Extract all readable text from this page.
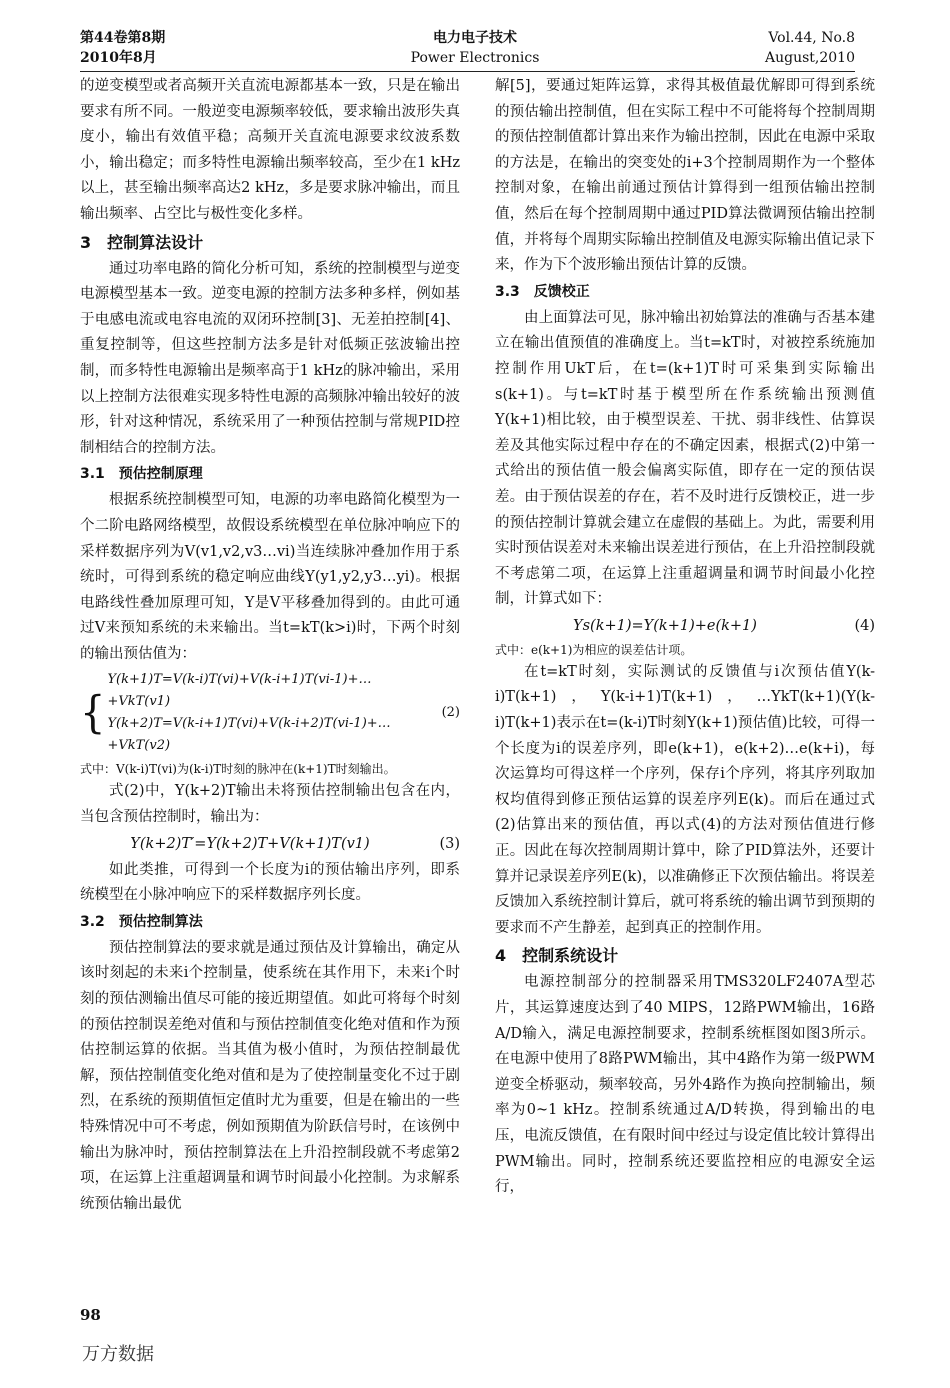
第44卷第8期
2010年8月
电力电子技术
Power Electronics
Vol.44, No.8
August,2010

的逆变模型或者高频开关直流电源都基本一致，只是在输出要求有所不同。一般逆变电源频率较低，要求输出波形失真度小，输出有效值平稳；高频开关直流电源要求纹波系数小，输出稳定；而多特性电源输出频率较高，至少在1 kHz以上，甚至输出频率高达2 kHz，多是要求脉冲输出，而且输出频率、占空比与极性变化多样。

3　控制算法设计

通过功率电路的简化分析可知，系统的控制模型与逆变电源模型基本一致。逆变电源的控制方法多种多样，例如基于电感电流或电容电流的双闭环控制[3]、无差拍控制[4]、重复控制等，但这些控制方法多是针对低频正弦波输出控制，而多特性电源输出是频率高于1 kHz的脉冲输出，采用以上控制方法很难实现多特性电源的高频脉冲输出较好的波形，针对这种情况，系统采用了一种预估控制与常规PID控制相结合的控制方法。

3.1　预估控制原理

根据系统控制模型可知，电源的功率电路简化模型为一个二阶电路网络模型，故假设系统模型在单位脉冲响应下的采样数据序列为V(v1,v2,v3…vi)当连续脉冲叠加作用于系统时，可得到系统的稳定响应曲线Y(y1,y2,y3…yi)。根据电路线性叠加原理可知，Y是V平移叠加得到的。由此可通过V来预知系统的未来输出。当t=kT(k>i)时，下两个时刻的输出预估值为：

{
Y(k+1)T=V(k-i)T(vi)+V(k-i+1)T(vi-1)+…+VkT(v1)
Y(k+2)T=V(k-i+1)T(vi)+V(k-i+2)T(vi-1)+…+VkT(v2)
(2)

式中：V(k-i)T(vi)为(k-i)T时刻的脉冲在(k+1)T时刻输出。

式(2)中，Y(k+2)T输出未将预估控制输出包含在内，当包含预估控制时，输出为：

Y(k+2)T′=Y(k+2)T+V(k+1)T(v1)	(3)

如此类推，可得到一个长度为i的预估输出序列，即系统模型在小脉冲响应下的采样数据序列长度。

3.2　预估控制算法

预估控制算法的要求就是通过预估及计算输出，确定从该时刻起的未来i个控制量，使系统在其作用下，未来i个时刻的预估测输出值尽可能的接近期望值。如此可将每个时刻的预估控制误差绝对值和与预估控制值变化绝对值和作为预估控制运算的依据。当其值为极小值时，为预估控制最优解，预估控制值变化绝对值和是为了使控制量变化不过于剧烈，在系统的预期值恒定值时尤为重要，但是在输出的一些特殊情况中可不考虑，例如预期值为阶跃信号时，在该例中输出为脉冲时，预估控制算法在上升沿控制段就不考虑第2项，在运算上注重超调量和调节时间最小化控制。为求解系统预估输出最优

解[5]，要通过矩阵运算，求得其极值最优解即可得到系统的预估输出控制值，但在实际工程中不可能将每个控制周期的预估控制值都计算出来作为输出控制，因此在电源中采取的方法是，在输出的突变处的i+3个控制周期作为一个整体控制对象，在输出前通过预估计算得到一组预估输出控制值，然后在每个控制周期中通过PID算法微调预估输出控制值，并将每个周期实际输出控制值及电源实际输出值记录下来，作为下个波形输出预估计算的反馈。

3.3　反馈校正

由上面算法可见，脉冲输出初始算法的准确与否基本建立在输出值预值的准确度上。当t=kT时，对被控系统施加控制作用UkT后，在t=(k+1)T时可采集到实际输出s(k+1)。与t=kT时基于模型所在作系统输出预测值Y(k+1)相比较，由于模型误差、干扰、弱非线性、估算误差及其他实际过程中存在的不确定因素，根据式(2)中第一式给出的预估值一般会偏离实际值，即存在一定的预估误差。由于预估误差的存在，若不及时进行反馈校正，进一步的预估控制计算就会建立在虚假的基础上。为此，需要利用实时预估误差对未来输出误差进行预估，在上升沿控制段就不考虑第二项，在运算上注重超调量和调节时间最小化控制，计算式如下：

Ys(k+1)=Y(k+1)+e(k+1)	(4)

式中：e(k+1)为相应的误差估计项。

在t=kT时刻，实际测试的反馈值与i次预估值Y(k-i)T(k+1)，Y(k-i+1)T(k+1)，…YkT(k+1)(Y(k-i)T(k+1)表示在t=(k-i)T时刻Y(k+1)预估值)比较，可得一个长度为i的误差序列，即e(k+1)，e(k+2)…e(k+i)，每次运算均可得这样一个序列，保存i个序列，将其序列取加权均值得到修正预估运算的误差序列E(k)。而后在通过式(2)估算出来的预估值，再以式(4)的方法对预估值进行修正。因此在每次控制周期计算中，除了PID算法外，还要计算并记录误差序列E(k)，以准确修正下次预估输出。将误差反馈加入系统控制计算后，就可将系统的输出调节到预期的要求而不产生静差，起到真正的控制作用。

4　控制系统设计

电源控制部分的控制器采用TMS320LF2407A型芯片，其运算速度达到了40 MIPS，12路PWM输出，16路A/D输入，满足电源控制要求，控制系统框图如图3所示。在电源中使用了8路PWM输出，其中4路作为第一级PWM逆变全桥驱动，频率较高，另外4路作为换向控制输出，频率为0~1 kHz。控制系统通过A/D转换，得到输出的电压，电流反馈值，在有限时间中经过与设定值比较计算得出PWM输出。同时，控制系统还要监控相应的电源安全运行，

98
万方数据
